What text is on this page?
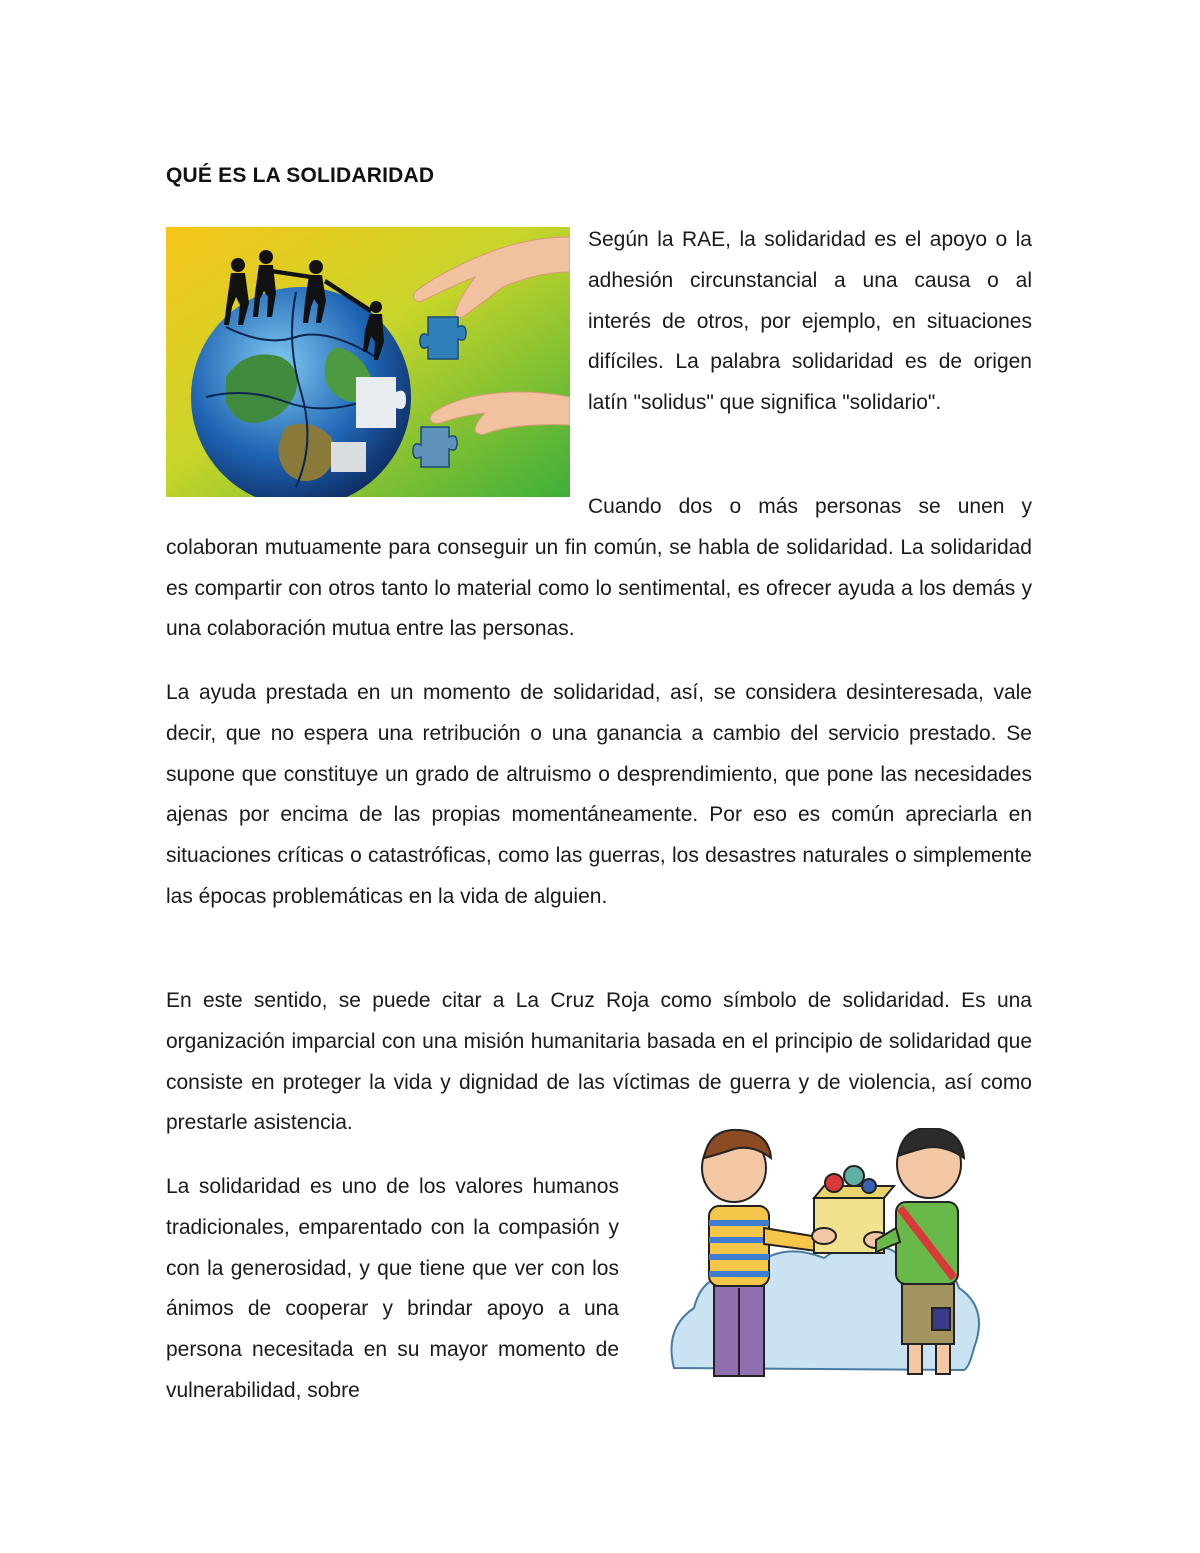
QUÉ ES LA SOLIDARIDAD

Según la RAE, la solidaridad es el apoyo o la adhesión circunstancial a una causa o al interés de otros, por ejemplo, en situaciones difíciles. La palabra solidaridad es de origen latín "solidus" que significa "solidario".

Cuando dos o más personas se unen y colaboran mutuamente para conseguir un fin común, se habla de solidaridad. La solidaridad es compartir con otros tanto lo material como lo sentimental, es ofrecer ayuda a los demás y una colaboración mutua entre las personas.

La ayuda prestada en un momento de solidaridad, así, se considera desinteresada, vale decir, que no espera una retribución o una ganancia a cambio del servicio prestado. Se supone que constituye un grado de altruismo o desprendimiento, que pone las necesidades ajenas por encima de las propias momentáneamente. Por eso es común apreciarla en situaciones críticas o catastróficas, como las guerras, los desastres naturales o simplemente las épocas problemáticas en la vida de alguien.

En este sentido, se puede citar a La Cruz Roja como símbolo de solidaridad. Es una organización imparcial con una misión humanitaria basada en el principio de solidaridad que consiste en proteger la vida y dignidad de las víctimas de guerra y de violencia, así como prestarle asistencia.

La solidaridad es uno de los valores humanos tradicionales, emparentado con la compasión y con la generosidad, y que tiene que ver con los ánimos de cooperar y brindar apoyo a una persona necesitada en su mayor momento de vulnerabilidad, sobre
